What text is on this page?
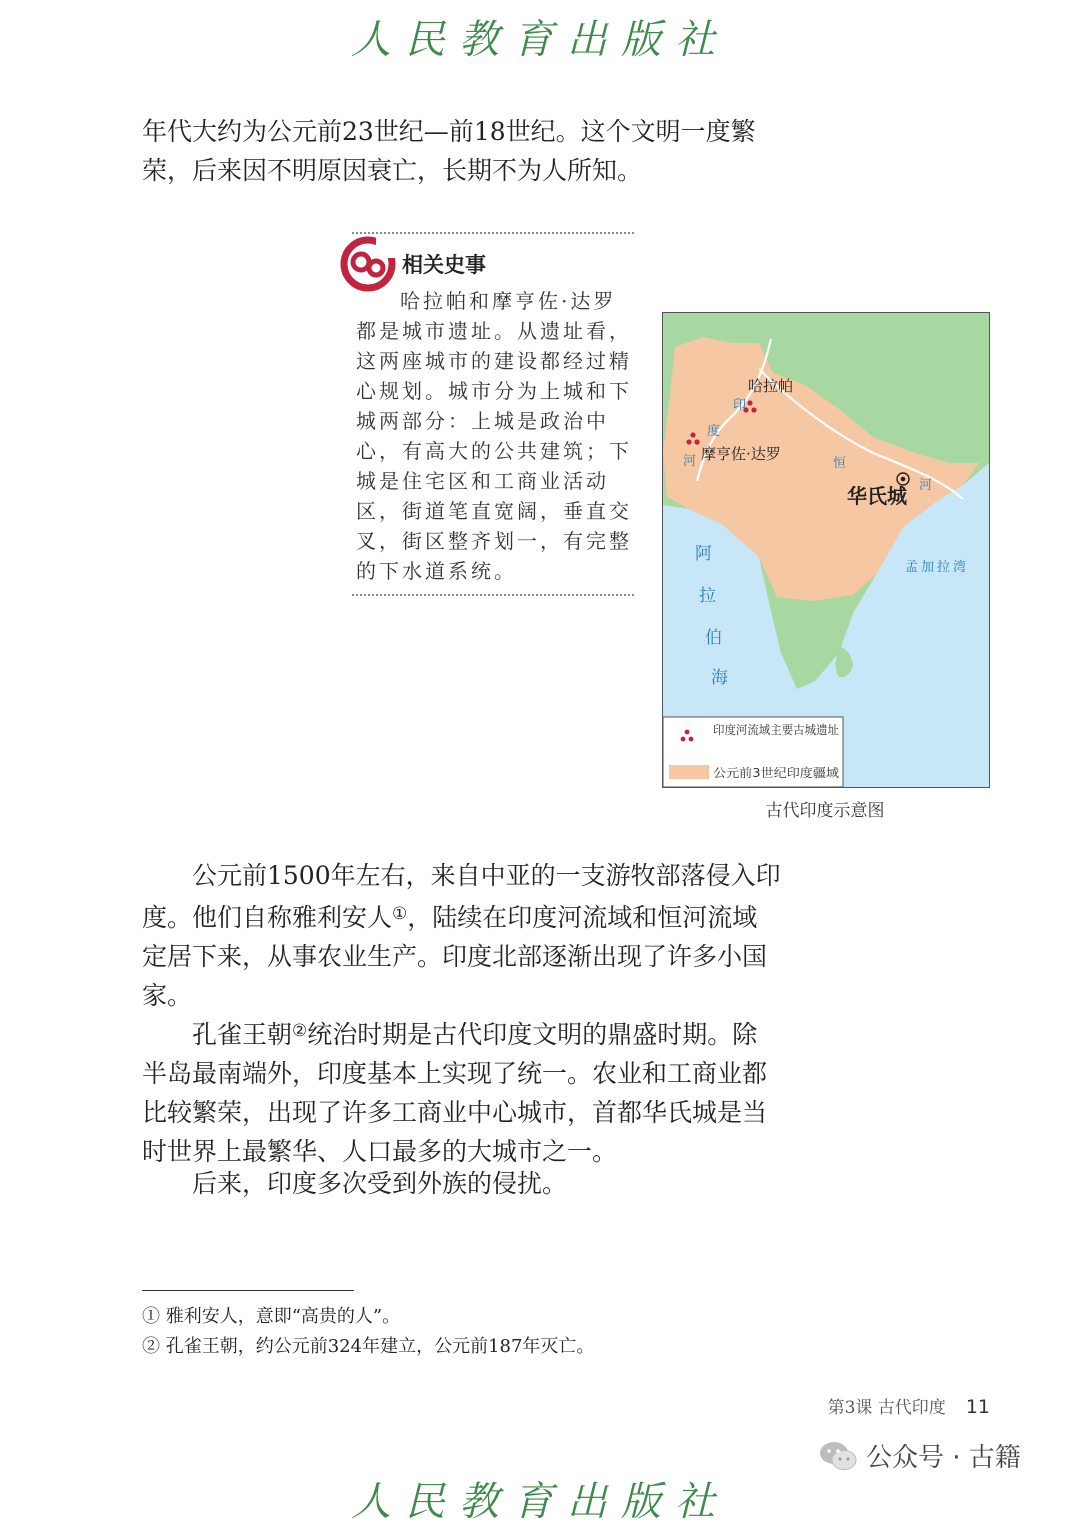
人民教育出版社

年代大约为公元前23世纪—前18世纪。这个文明一度繁荣，后来因不明原因衰亡，长期不为人所知。

相关史事

哈拉帕和摩亨佐·达罗都是城市遗址。从遗址看，这两座城市的建设都经过精心规划。城市分为上城和下城两部分：上城是政治中心，有高大的公共建筑；下城是住宅区和工商业活动区，街道笔直宽阔，垂直交叉，街区整齐划一，有完整的下水道系统。

哈拉帕
摩亨佐·达罗
华氏城
印
度
河	恒
河
孟加拉湾
阿
拉
伯
海
印度河流域主要古城遗址
公元前3世纪印度疆域
古代印度示意图

公元前1500年左右，来自中亚的一支游牧部落侵入印度。他们自称雅利安人①，陆续在印度河流域和恒河流域定居下来，从事农业生产。印度北部逐渐出现了许多小国家。

孔雀王朝②统治时期是古代印度文明的鼎盛时期。除半岛最南端外，印度基本上实现了统一。农业和工商业都比较繁荣，出现了许多工商业中心城市，首都华氏城是当时世界上最繁华、人口最多的大城市之一。

后来，印度多次受到外族的侵扰。

① 雅利安人，意即“高贵的人”。
② 孔雀王朝，约公元前324年建立，公元前187年灭亡。
第3课 古代印度 11
人民教育出版社
公众号 · 古籍
